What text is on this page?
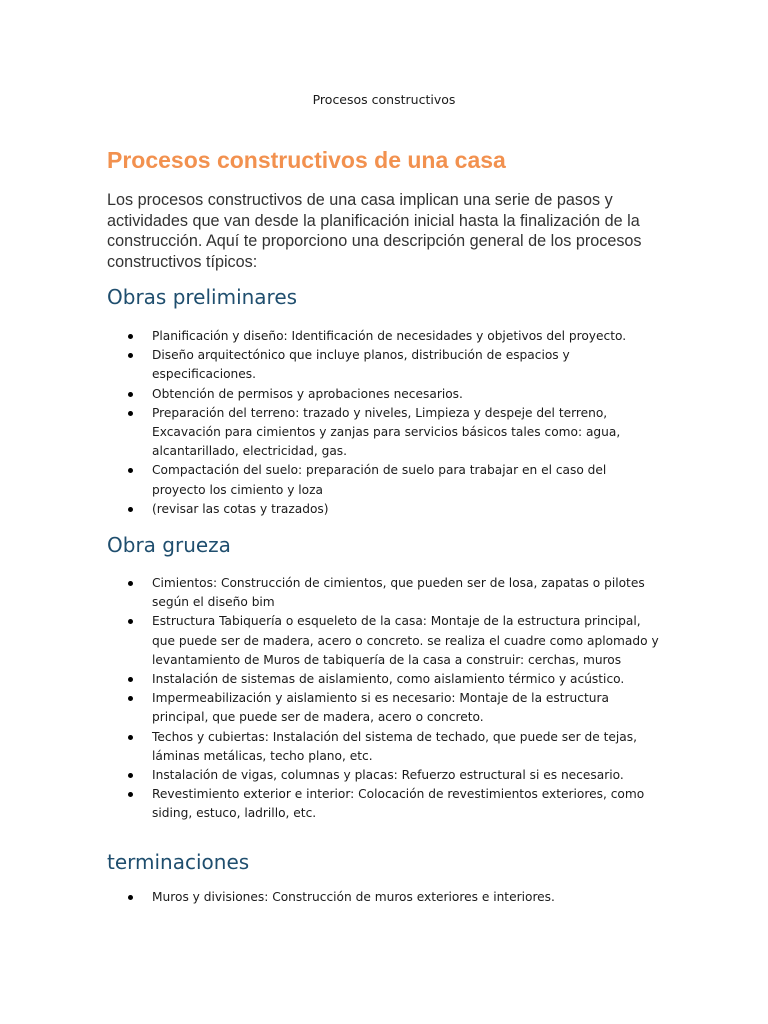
Procesos constructivos
Procesos constructivos de una casa

Los procesos constructivos de una casa implican una serie de pasos y actividades que van desde la planificación inicial hasta la finalización de la construcción. Aquí te proporciono una descripción general de los procesos constructivos típicos:

Obras preliminares
Planificación y diseño: Identificación de necesidades y objetivos del proyecto.
Diseño arquitectónico que incluye planos, distribución de espacios y especificaciones.
Obtención de permisos y aprobaciones necesarios.
Preparación del terreno: trazado y niveles, Limpieza y despeje del terreno, Excavación para cimientos y zanjas para servicios básicos tales como: agua, alcantarillado, electricidad, gas.
Compactación del suelo: preparación de suelo para trabajar en el caso del proyecto los cimiento y loza
(revisar las cotas y trazados)
Obra grueza
Cimientos: Construcción de cimientos, que pueden ser de losa, zapatas o pilotes según el diseño bim
Estructura Tabiquería o esqueleto de la casa: Montaje de la estructura principal, que puede ser de madera, acero o concreto. se realiza el cuadre como aplomado y levantamiento de Muros de tabiquería de la casa a construir: cerchas, muros
Instalación de sistemas de aislamiento, como aislamiento térmico y acústico.
Impermeabilización y aislamiento si es necesario: Montaje de la estructura principal, que puede ser de madera, acero o concreto.
Techos y cubiertas: Instalación del sistema de techado, que puede ser de tejas, láminas metálicas, techo plano, etc.
Instalación de vigas, columnas y placas: Refuerzo estructural si es necesario.
Revestimiento exterior e interior: Colocación de revestimientos exteriores, como siding, estuco, ladrillo, etc.
terminaciones
Muros y divisiones: Construcción de muros exteriores e interiores.
